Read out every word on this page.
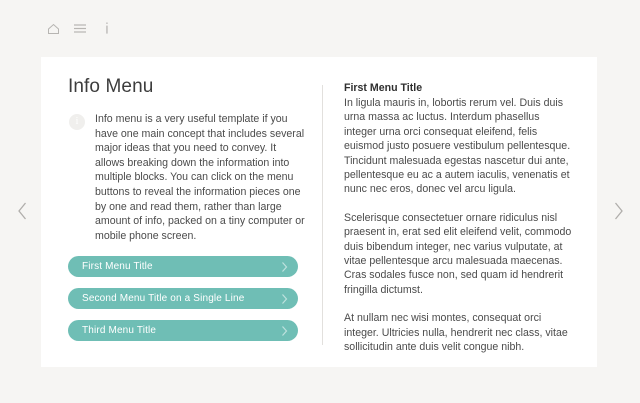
Info Menu
i	Info menu is a very useful template if you have one main concept that includes several major ideas that you need to convey. It allows breaking down the information into multiple blocks. You can click on the menu buttons to reveal the information pieces one by one and read them, rather than large amount of info, packed on a tiny computer or mobile phone screen.

First Menu Title
Second Menu Title on a Single Line
Third Menu Title
First Menu Title

In ligula mauris in, lobortis rerum vel. Duis duis urna massa ac luctus. Interdum phasellus integer urna orci consequat eleifend, felis euismod justo posuere vestibulum pellentesque. Tincidunt malesuada egestas nascetur dui ante, pellentesque eu ac a autem iaculis, venenatis et nunc nec eros, donec vel arcu ligula.

Scelerisque consectetuer ornare ridiculus nisl praesent in, erat sed elit eleifend velit, commodo duis bibendum integer, nec varius vulputate, at vitae pellentesque arcu malesuada maecenas. Cras sodales fusce non, sed quam id hendrerit fringilla dictumst.

At nullam nec wisi montes, consequat orci integer. Ultricies nulla, hendrerit nec class, vitae sollicitudin ante duis velit congue nibh.
